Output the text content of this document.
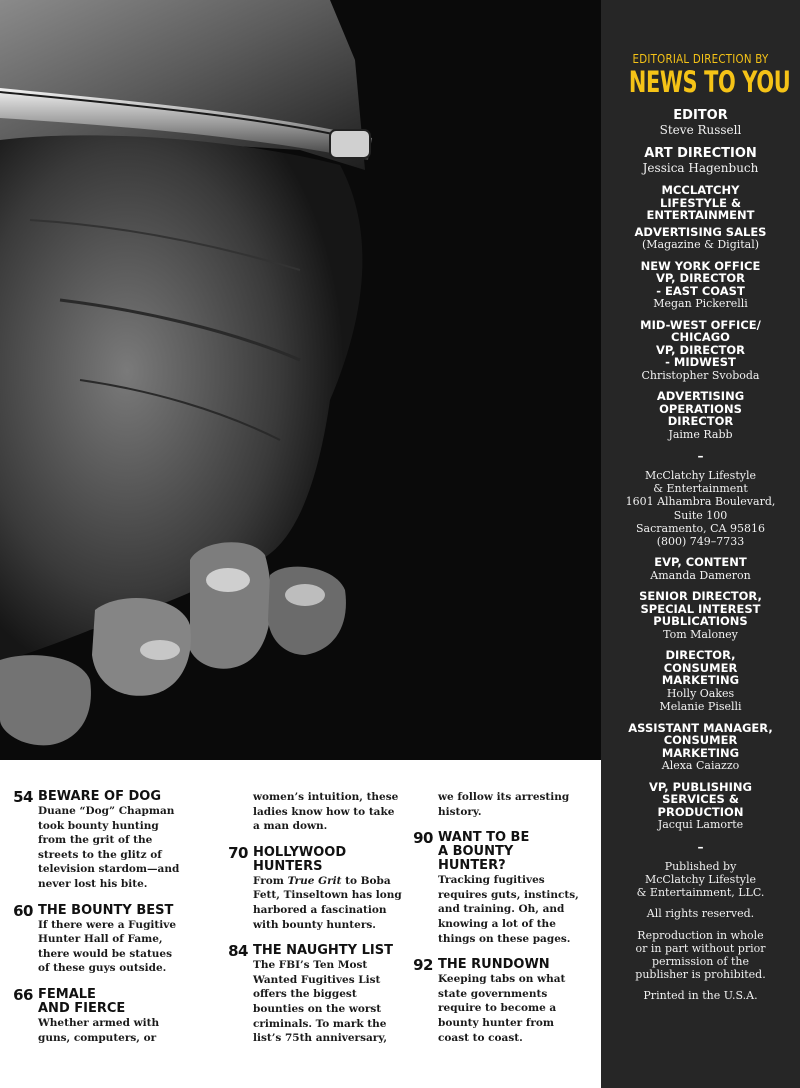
EDITORIAL DIRECTION BY
NEWS TO YOU
EDITOR
Steve Russell
ART DIRECTION
Jessica Hagenbuch
MCCLATCHY
LIFESTYLE &
ENTERTAINMENT
ADVERTISING SALES
(Magazine & Digital)
NEW YORK OFFICE
VP, DIRECTOR
- EAST COAST
Megan Pickerelli
MID-WEST OFFICE/
CHICAGO
VP, DIRECTOR
- MIDWEST
Christopher Svoboda
ADVERTISING
OPERATIONS
DIRECTOR
Jaime Rabb
–
McClatchy Lifestyle
& Entertainment
1601 Alhambra Boulevard,
Suite 100
Sacramento, CA 95816
(800) 749–7733
EVP, CONTENT
Amanda Dameron
SENIOR DIRECTOR,
SPECIAL INTEREST
PUBLICATIONS
Tom Maloney
DIRECTOR,
CONSUMER
MARKETING
Holly Oakes
Melanie Piselli
ASSISTANT MANAGER,
CONSUMER
MARKETING
Alexa Caiazzo
VP, PUBLISHING
SERVICES &
PRODUCTION
Jacqui Lamorte
–
Published by
McClatchy Lifestyle
& Entertainment, LLC.
All rights reserved.
Reproduction in whole
or in part without prior
permission of the
publisher is prohibited.
Printed in the U.S.A.
54 BEWARE OF DOG
Duane “Dog” Chapman
took bounty hunting
from the grit of the
streets to the glitz of
television stardom—and
never lost his bite.
60 THE BOUNTY BEST
If there were a Fugitive
Hunter Hall of Fame,
there would be statues
of these guys outside.
66 FEMALE
AND FIERCE
Whether armed with
guns, computers, or
women’s intuition, these
ladies know how to take
a man down.
70 HOLLYWOOD
HUNTERS
From True Grit to Boba
Fett, Tinseltown has long
harbored a fascination
with bounty hunters.
84 THE NAUGHTY LIST
The FBI’s Ten Most
Wanted Fugitives List
offers the biggest
bounties on the worst
criminals. To mark the
list’s 75th anniversary,
we follow its arresting
history.
90 WANT TO BE
A BOUNTY
HUNTER?
Tracking fugitives
requires guts, instincts,
and training. Oh, and
knowing a lot of the
things on these pages.
92 THE RUNDOWN
Keeping tabs on what
state governments
require to become a
bounty hunter from
coast to coast.
